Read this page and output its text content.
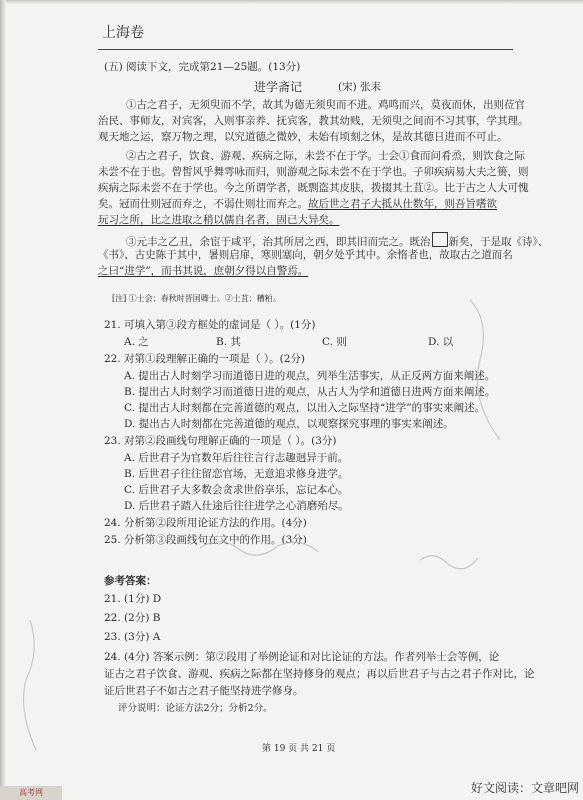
上海卷
(五) 阅读下文，完成第21—25题。(13分)
进学斋记	(宋) 张耒
①古之君子，无须臾而不学，故其为德无须臾而不进。鸡鸣而兴，莫夜而休，出则莅官
治民、事师友，对宾客，入则事亲养、抚宾客，教其幼贱，无须臾之间而不习其事，学其理。
观天地之运，察万物之理，以究道德之微妙，未始有顷刻之休，是故其德日进而不可止。
②古之君子，饮食、游观、疾病之际，未尝不在于学。士会①食而问肴烝，则饮食之际
未尝不在于也。曾皙风乎舞雩咏而归，则游观之际未尝不在于学也。子卯疾病易大夫之篑，则
疾病之际未尝不在于学也。今之所谓学者，既剽盗其皮肤，拨掇其土苴②。比于古之人大可愧
矣。冠而仕则冠而弃之，不弱仕则壮而弃之。故后世之君子大抵从仕数年，则吾旨嗜欲
玩习之所，比之进取之稍以儒自名者，固已大异矣。
③元丰之乙丑，余宦于咸平，治其所居之西，即其旧而完之。既治 新矣，于是取《诗》、
《书》、古史陈于其中，暑则启扉，寒则塞向，朝夕处乎其中。余惰者也，故取古之道而名
之曰“进学”，而书其说，庶朝夕得以自警焉。
[注] ①士会：春秋时晋国卿士。②土苴：糟粕。
21. 可填入第③段方框处的虚词是（ ）。(1分)
A. 之	B. 其	C. 则	D. 以
22. 对第①段理解正确的一项是（ ）。(2分)
A. 提出古人时刻学习而道德日进的观点，列举生活事实，从正反两方面来阐述。
B. 提出古人时刻学习而道德日进的观点，从古人为学和道德日进两方面来阐述。
C. 提出古人时刻都在完善道德的观点，以出入之际坚持“进学”的事实来阐述。
D. 提出古人时刻都在完善道德的观点，以观察探究事理的事实来阐述。
23. 对第②段画线句理解正确的一项是（ ）。(3分)
A. 后世君子为官数年后往往言行志趣迥异于前。
B. 后世君子往往留恋官场，无意追求修身进学。
C. 后世君子大多数会贪求世俗享乐，忘记本心。
D. 后世君子踏入仕途后往往进学之心消磨殆尽。
24. 分析第②段所用论证方法的作用。(4分)
25. 分析第③段画线句在文中的作用。(3分)
参考答案：
21. (1分) D
22. (2分) B
23. (3分) A
24. (4分) 答案示例：第②段用了举例论证和对比论证的方法。作者列举士会等例，论
证古之君子饮食、游观、疾病之际都在坚持修身的观点；再以后世君子与古之君子作对比，论
证后世君子不如古之君子能坚持进学修身。
评分说明：论证方法2分；分析2分。
第 19 页 共 21 页
好文阅读：文章吧网
高考网
